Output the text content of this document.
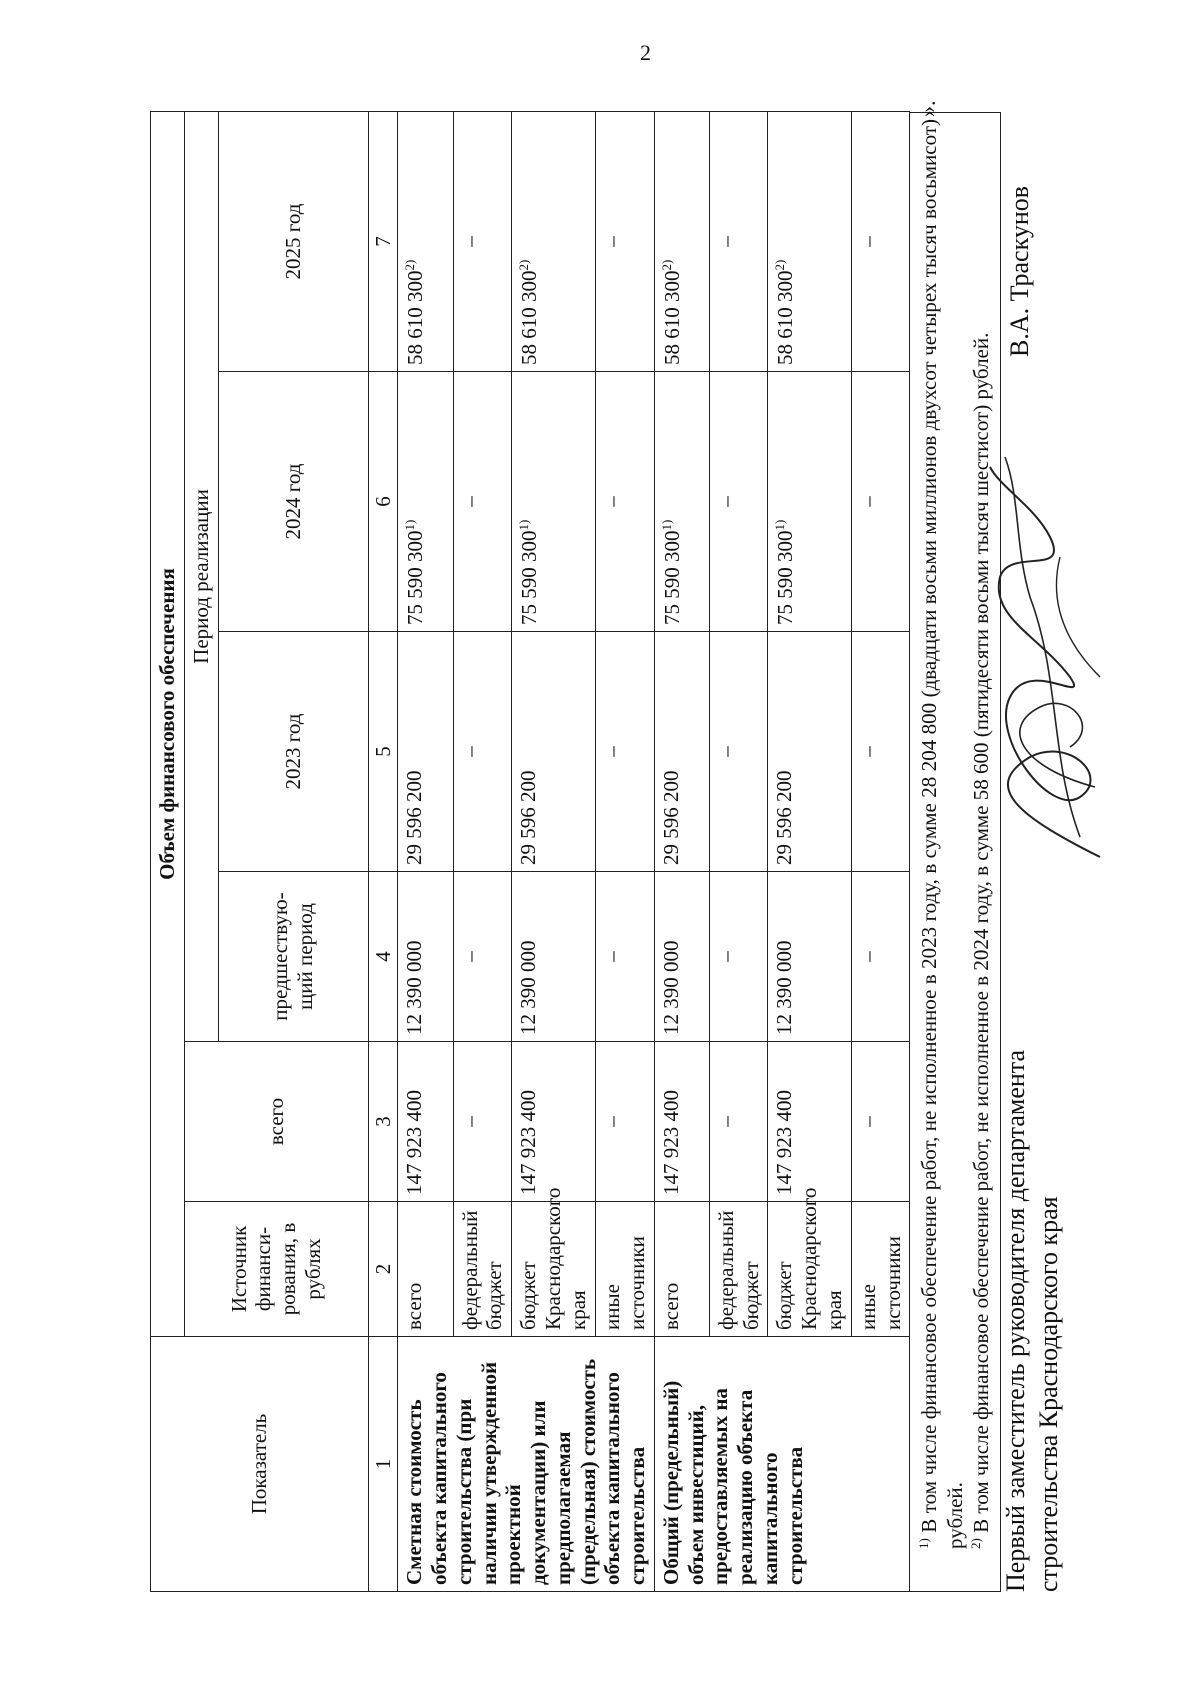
2
Показатель	Объем финансового обеспечения					
	Источник финанси-рования, в рублях	всего	Период реализации			
			предшествую-щий период	2023 год	2024 год	2025 год
1	2	3	4	5	6	7
Сметная стоимость объекта капитального строительства (при наличии утвержденной проектной документации) или предполагаемая (предельная) стоимость объекта капитального строительства	всего	147 923 400	12 390 000	29 596 200	75 590 300$^{1)}$	58 610 300$^{2)}$
	федеральный бюджет	–	–	–	–	–
	бюджет Краснодарского края	147 923 400	12 390 000	29 596 200	75 590 300$^{1)}$	58 610 300$^{2)}$
	иные источники	–	–	–	–	–
Общий (предельный) объем инвестиций, предоставляемых на реализацию объекта капитального строительства	всего	147 923 400	12 390 000	29 596 200	75 590 300$^{1)}$	58 610 300$^{2)}$
	федеральный бюджет	–	–	–	–	–
	бюджет Краснодарского края	147 923 400	12 390 000	29 596 200	75 590 300$^{1)}$	58 610 300$^{2)}$
	иные источники	–	–	–	–	–

$^{1)}$ В том числе финансовое обеспечение работ, не исполненное в 2023 году, в сумме 28 204 800 (двадцати восьми миллионов двухсот четырех тысяч восьмисот) рублей. $^{2)}$ В том числе финансовое обеспечение работ, не исполненное в 2024 году, в сумме 58 600 (пятидесяти восьми тысяч шестисот) рублей.

».
Первый заместитель руководителя департамента строительства Краснодарского края
В.А. Траскунов
